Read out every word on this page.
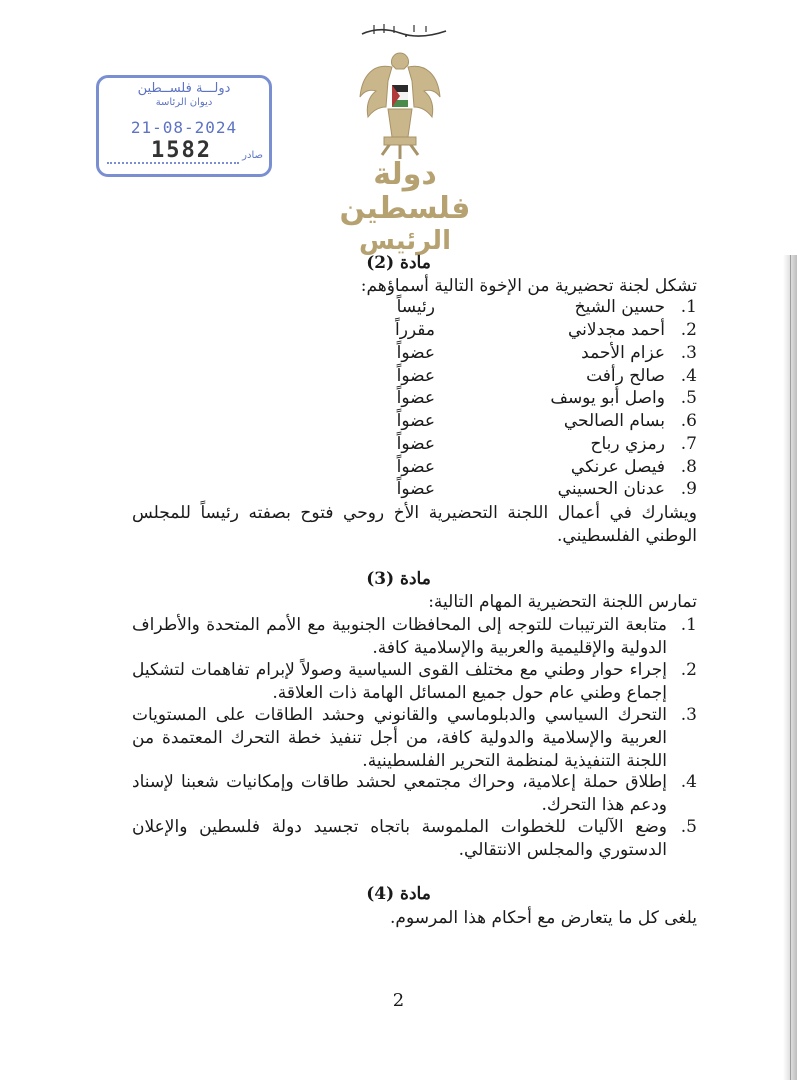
دولة فلسطين
الرئيس
دولـــة فلســطين
ديوان الرئاسة
21-08-2024
1582	صادر
مادة (2)
تشكل لجنة تحضيرية من الإخوة التالية أسماؤهم:
1.
حسين الشيخ
رئيساً
2.
أحمد مجدلاني
مقرراً
3.
عزام الأحمد
عضواً
4.
صالح رأفت
عضواً
5.
واصل أبو يوسف
عضواً
6.
بسام الصالحي
عضواً
7.
رمزي رباح
عضواً
8.
فيصل عرنكي
عضواً
9.
عدنان الحسيني
عضواً
ويشارك في أعمال اللجنة التحضيرية الأخ روحي فتوح بصفته رئيساً للمجلس الوطني الفلسطيني.
مادة (3)
تمارس اللجنة التحضيرية المهام التالية:
1.
متابعة الترتيبات للتوجه إلى المحافظات الجنوبية مع الأمم المتحدة والأطراف الدولية والإقليمية والعربية والإسلامية كافة.
2.
إجراء حوار وطني مع مختلف القوى السياسية وصولاً لإبرام تفاهمات لتشكيل إجماع وطني عام حول جميع المسائل الهامة ذات العلاقة.
3.
التحرك السياسي والدبلوماسي والقانوني وحشد الطاقات على المستويات العربية والإسلامية والدولية كافة، من أجل تنفيذ خطة التحرك المعتمدة من اللجنة التنفيذية لمنظمة التحرير الفلسطينية.
4.
إطلاق حملة إعلامية، وحراك مجتمعي لحشد طاقات وإمكانيات شعبنا لإسناد ودعم هذا التحرك.
5.
وضع الآليات للخطوات الملموسة باتجاه تجسيد دولة فلسطين والإعلان الدستوري والمجلس الانتقالي.
مادة (4)
يلغى كل ما يتعارض مع أحكام هذا المرسوم.
2
